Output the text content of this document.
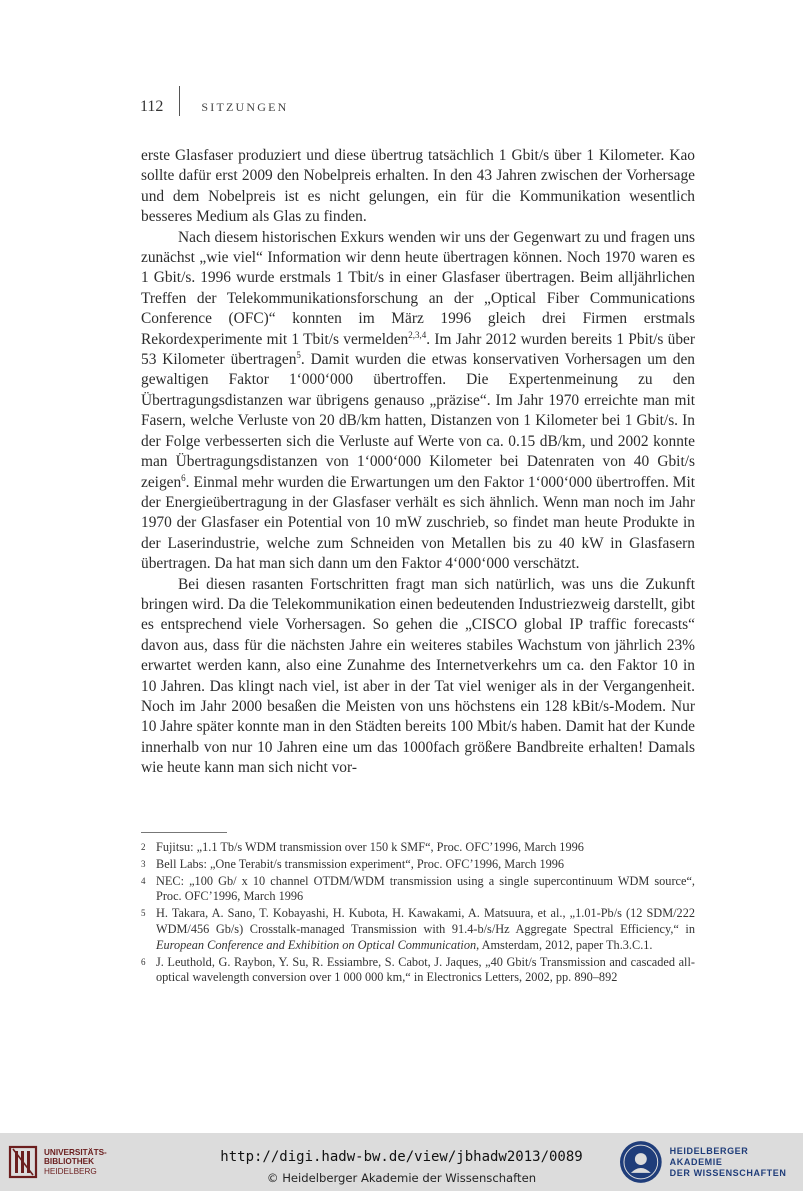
112	SITZUNGEN

erste Glasfaser produziert und diese übertrug tatsächlich 1 Gbit/s über 1 Kilometer. Kao sollte dafür erst 2009 den Nobelpreis erhalten. In den 43 Jahren zwischen der Vorhersage und dem Nobelpreis ist es nicht gelungen, ein für die Kommunikation wesentlich besseres Medium als Glas zu finden.

Nach diesem historischen Exkurs wenden wir uns der Gegenwart zu und fragen uns zunächst „wie viel“ Information wir denn heute übertragen können. Noch 1970 waren es 1 Gbit/s. 1996 wurde erstmals 1 Tbit/s in einer Glasfaser übertragen. Beim alljährlichen Treffen der Telekommunikationsforschung an der „Optical Fiber Communications Conference (OFC)“ konnten im März 1996 gleich drei Firmen erstmals Rekordexperimente mit 1 Tbit/s vermelden$^{2,3,4}$. Im Jahr 2012 wurden bereits 1 Pbit/s über 53 Kilometer übertragen$^5$. Damit wurden die etwas konservativen Vorhersagen um den gewaltigen Faktor 1‘000‘000 übertroffen. Die Expertenmeinung zu den Übertragungsdistanzen war übrigens genauso „präzise“. Im Jahr 1970 erreichte man mit Fasern, welche Verluste von 20 dB/km hatten, Distanzen von 1 Kilometer bei 1 Gbit/s. In der Folge verbesserten sich die Verluste auf Werte von ca. 0.15 dB/km, und 2002 konnte man Übertragungsdistanzen von 1‘000‘000 Kilometer bei Datenraten von 40 Gbit/s zeigen$^6$. Einmal mehr wurden die Erwartungen um den Faktor 1‘000‘000 übertroffen. Mit der Energieübertragung in der Glasfaser verhält es sich ähnlich. Wenn man noch im Jahr 1970 der Glasfaser ein Potential von 10 mW zuschrieb, so findet man heute Produkte in der Laserindustrie, welche zum Schneiden von Metallen bis zu 40 kW in Glasfasern übertragen. Da hat man sich dann um den Faktor 4‘000‘000 verschätzt.

Bei diesen rasanten Fortschritten fragt man sich natürlich, was uns die Zukunft bringen wird. Da die Telekommunikation einen bedeutenden Industriezweig darstellt, gibt es entsprechend viele Vorhersagen. So gehen die „CISCO global IP traffic forecasts“ davon aus, dass für die nächsten Jahre ein weiteres stabiles Wachstum von jährlich 23% erwartet werden kann, also eine Zunahme des Internetverkehrs um ca. den Faktor 10 in 10 Jahren. Das klingt nach viel, ist aber in der Tat viel weniger als in der Vergangenheit. Noch im Jahr 2000 besaßen die Meisten von uns höchstens ein 128 kBit/s-Modem. Nur 10 Jahre später konnte man in den Städten bereits 100 Mbit/s haben. Damit hat der Kunde innerhalb von nur 10 Jahren eine um das 1000fach größere Bandbreite erhalten! Damals wie heute kann man sich nicht vor-

2 Fujitsu: „1.1 Tb/s WDM transmission over 150 k SMF“, Proc. OFC’1996, March 1996
3 Bell Labs: „One Terabit/s transmission experiment“, Proc. OFC’1996, March 1996
4 NEC: „100 Gb/ x 10 channel OTDM/WDM transmission using a single supercontinuum WDM source“, Proc. OFC’1996, March 1996
5 H. Takara, A. Sano, T. Kobayashi, H. Kubota, H. Kawakami, A. Matsuura, et al., „1.01-Pb/s (12 SDM/222 WDM/456 Gb/s) Crosstalk-managed Transmission with 91.4-b/s/Hz Aggregate Spectral Efficiency,“ in European Conference and Exhibition on Optical Communication, Amsterdam, 2012, paper Th.3.C.1.
6 J. Leuthold, G. Raybon, Y. Su, R. Essiambre, S. Cabot, J. Jaques, „40 Gbit/s Transmission and cascaded all-optical wavelength conversion over 1 000 000 km,“ in Electronics Letters, 2002, pp. 890–892
UNIVERSITÄTS-
BIBLIOTHEK
HEIDELBERG
http://digi.hadw-bw.de/view/jbhadw2013/0089
© Heidelberger Akademie der Wissenschaften
HEIDELBERGER AKADEMIE
DER WISSENSCHAFTEN
